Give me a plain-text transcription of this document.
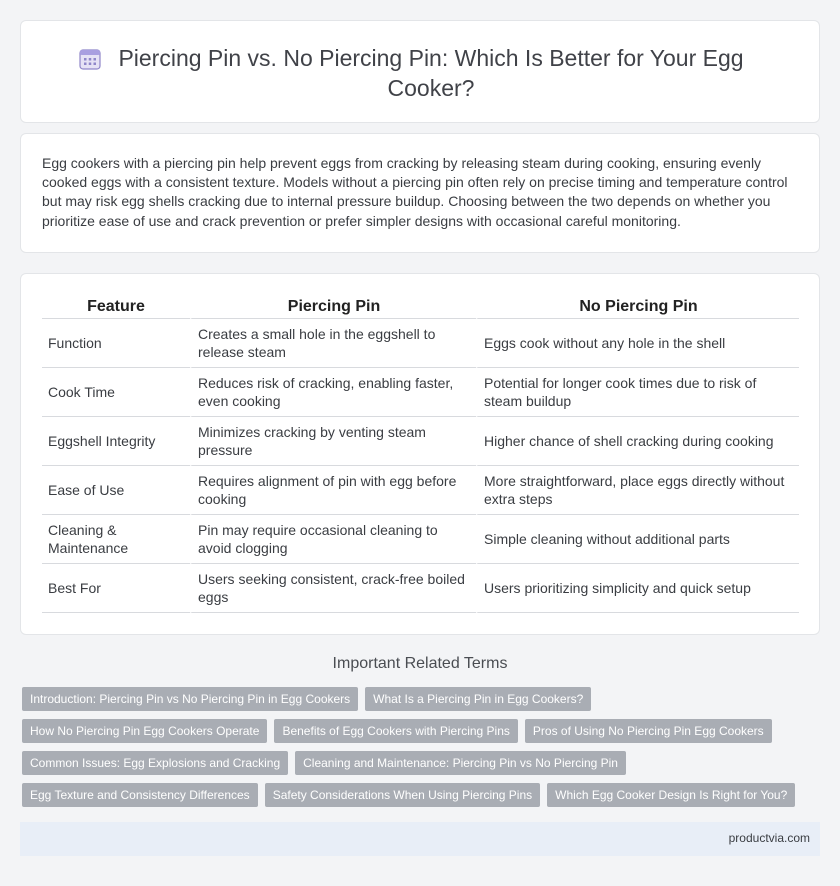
Piercing Pin vs. No Piercing Pin: Which Is Better for Your Egg Cooker?

Egg cookers with a piercing pin help prevent eggs from cracking by releasing steam during cooking, ensuring evenly cooked eggs with a consistent texture. Models without a piercing pin often rely on precise timing and temperature control but may risk egg shells cracking due to internal pressure buildup. Choosing between the two depends on whether you prioritize ease of use and crack prevention or prefer simpler designs with occasional careful monitoring.

Feature	Piercing Pin	No Piercing Pin
Function	Creates a small hole in the eggshell to release steam	Eggs cook without any hole in the shell
Cook Time	Reduces risk of cracking, enabling faster, even cooking	Potential for longer cook times due to risk of steam buildup
Eggshell Integrity	Minimizes cracking by venting steam pressure	Higher chance of shell cracking during cooking
Ease of Use	Requires alignment of pin with egg before cooking	More straightforward, place eggs directly without extra steps
Cleaning & Maintenance	Pin may require occasional cleaning to avoid clogging	Simple cleaning without additional parts
Best For	Users seeking consistent, crack-free boiled eggs	Users prioritizing simplicity and quick setup
Important Related Terms
Introduction: Piercing Pin vs No Piercing Pin in Egg Cookers	What Is a Piercing Pin in Egg Cookers?
How No Piercing Pin Egg Cookers Operate	Benefits of Egg Cookers with Piercing Pins	Pros of Using No Piercing Pin Egg Cookers
Common Issues: Egg Explosions and Cracking	Cleaning and Maintenance: Piercing Pin vs No Piercing Pin
Egg Texture and Consistency Differences	Safety Considerations When Using Piercing Pins	Which Egg Cooker Design Is Right for You?
productvia.com
